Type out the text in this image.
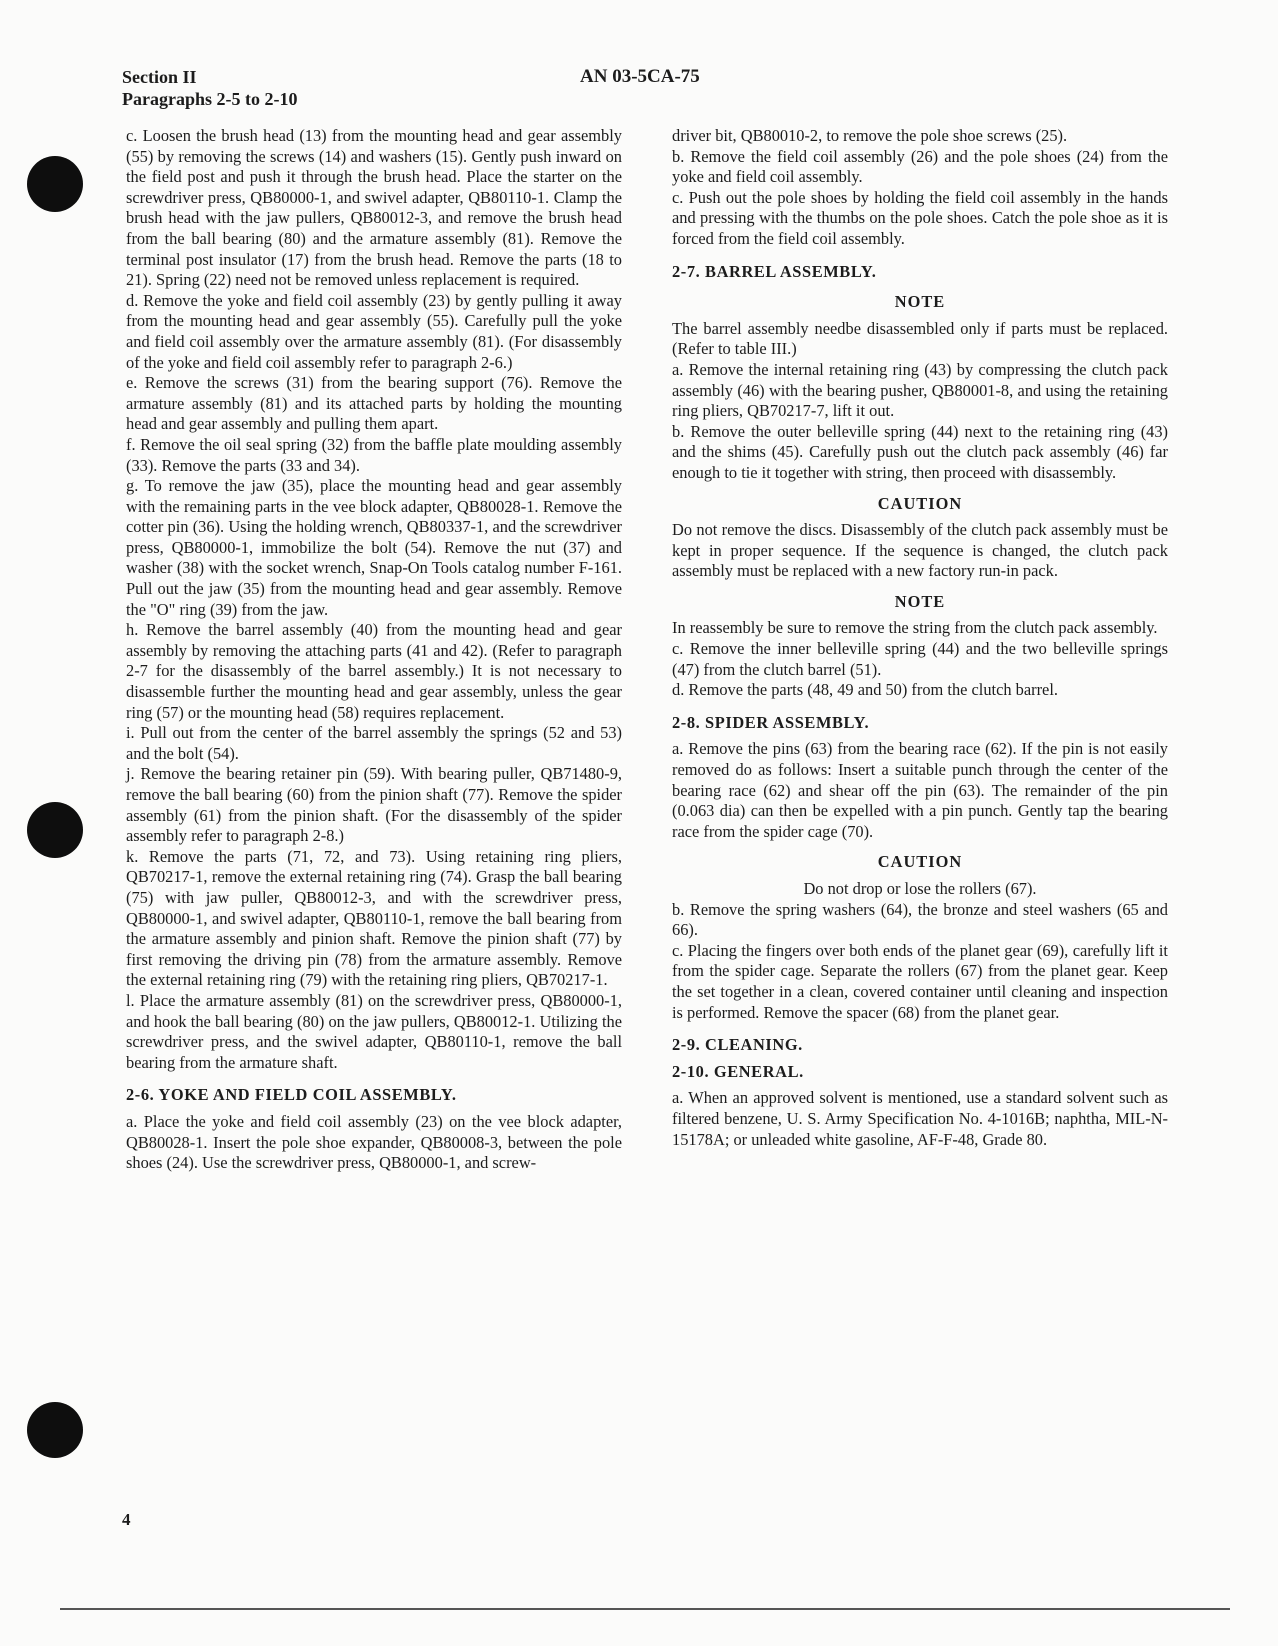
Section II
Paragraphs 2-5 to 2-10
AN 03-5CA-75

c. Loosen the brush head (13) from the mounting head and gear assembly (55) by removing the screws (14) and washers (15). Gently push inward on the field post and push it through the brush head. Place the starter on the screwdriver press, QB80000-1, and swivel adapter, QB80110-1. Clamp the brush head with the jaw pullers, QB80012-3, and remove the brush head from the ball bearing (80) and the armature assembly (81). Remove the terminal post insulator (17) from the brush head. Remove the parts (18 to 21). Spring (22) need not be removed unless replacement is required.

d. Remove the yoke and field coil assembly (23) by gently pulling it away from the mounting head and gear assembly (55). Carefully pull the yoke and field coil assembly over the armature assembly (81). (For disassembly of the yoke and field coil assembly refer to paragraph 2-6.)

e. Remove the screws (31) from the bearing support (76). Remove the armature assembly (81) and its attached parts by holding the mounting head and gear assembly and pulling them apart.

f. Remove the oil seal spring (32) from the baffle plate moulding assembly (33). Remove the parts (33 and 34).

g. To remove the jaw (35), place the mounting head and gear assembly with the remaining parts in the vee block adapter, QB80028-1. Remove the cotter pin (36). Using the holding wrench, QB80337-1, and the screwdriver press, QB80000-1, immobilize the bolt (54). Remove the nut (37) and washer (38) with the socket wrench, Snap-On Tools catalog number F-161. Pull out the jaw (35) from the mounting head and gear assembly. Remove the "O" ring (39) from the jaw.

h. Remove the barrel assembly (40) from the mounting head and gear assembly by removing the attaching parts (41 and 42). (Refer to paragraph 2-7 for the disassembly of the barrel assembly.) It is not necessary to disassemble further the mounting head and gear assembly, unless the gear ring (57) or the mounting head (58) requires replacement.

i. Pull out from the center of the barrel assembly the springs (52 and 53) and the bolt (54).

j. Remove the bearing retainer pin (59). With bearing puller, QB71480-9, remove the ball bearing (60) from the pinion shaft (77). Remove the spider assembly (61) from the pinion shaft. (For the disassembly of the spider assembly refer to paragraph 2-8.)

k. Remove the parts (71, 72, and 73). Using retaining ring pliers, QB70217-1, remove the external retaining ring (74). Grasp the ball bearing (75) with jaw puller, QB80012-3, and with the screwdriver press, QB80000-1, and swivel adapter, QB80110-1, remove the ball bearing from the armature assembly and pinion shaft. Remove the pinion shaft (77) by first removing the driving pin (78) from the armature assembly. Remove the external retaining ring (79) with the retaining ring pliers, QB70217-1.

l. Place the armature assembly (81) on the screwdriver press, QB80000-1, and hook the ball bearing (80) on the jaw pullers, QB80012-1. Utilizing the screwdriver press, and the swivel adapter, QB80110-1, remove the ball bearing from the armature shaft.

2-6. YOKE AND FIELD COIL ASSEMBLY.

a. Place the yoke and field coil assembly (23) on the vee block adapter, QB80028-1. Insert the pole shoe expander, QB80008-3, between the pole shoes (24). Use the screwdriver press, QB80000-1, and screw-

driver bit, QB80010-2, to remove the pole shoe screws (25).

b. Remove the field coil assembly (26) and the pole shoes (24) from the yoke and field coil assembly.

c. Push out the pole shoes by holding the field coil assembly in the hands and pressing with the thumbs on the pole shoes. Catch the pole shoe as it is forced from the field coil assembly.

2-7. BARREL ASSEMBLY.
NOTE

The barrel assembly needbe disassembled only if parts must be replaced. (Refer to table III.)

a. Remove the internal retaining ring (43) by compressing the clutch pack assembly (46) with the bearing pusher, QB80001-8, and using the retaining ring pliers, QB70217-7, lift it out.

b. Remove the outer belleville spring (44) next to the retaining ring (43) and the shims (45). Carefully push out the clutch pack assembly (46) far enough to tie it together with string, then proceed with disassembly.

CAUTION

Do not remove the discs. Disassembly of the clutch pack assembly must be kept in proper sequence. If the sequence is changed, the clutch pack assembly must be replaced with a new factory run-in pack.

NOTE

In reassembly be sure to remove the string from the clutch pack assembly.

c. Remove the inner belleville spring (44) and the two belleville springs (47) from the clutch barrel (51).

d. Remove the parts (48, 49 and 50) from the clutch barrel.

2-8. SPIDER ASSEMBLY.

a. Remove the pins (63) from the bearing race (62). If the pin is not easily removed do as follows: Insert a suitable punch through the center of the bearing race (62) and shear off the pin (63). The remainder of the pin (0.063 dia) can then be expelled with a pin punch. Gently tap the bearing race from the spider cage (70).

CAUTION

Do not drop or lose the rollers (67).

b. Remove the spring washers (64), the bronze and steel washers (65 and 66).

c. Placing the fingers over both ends of the planet gear (69), carefully lift it from the spider cage. Separate the rollers (67) from the planet gear. Keep the set together in a clean, covered container until cleaning and inspection is performed. Remove the spacer (68) from the planet gear.

2-9. CLEANING.
2-10. GENERAL.

a. When an approved solvent is mentioned, use a standard solvent such as filtered benzene, U. S. Army Specification No. 4-1016B; naphtha, MIL-N-15178A; or unleaded white gasoline, AF-F-48, Grade 80.

4
